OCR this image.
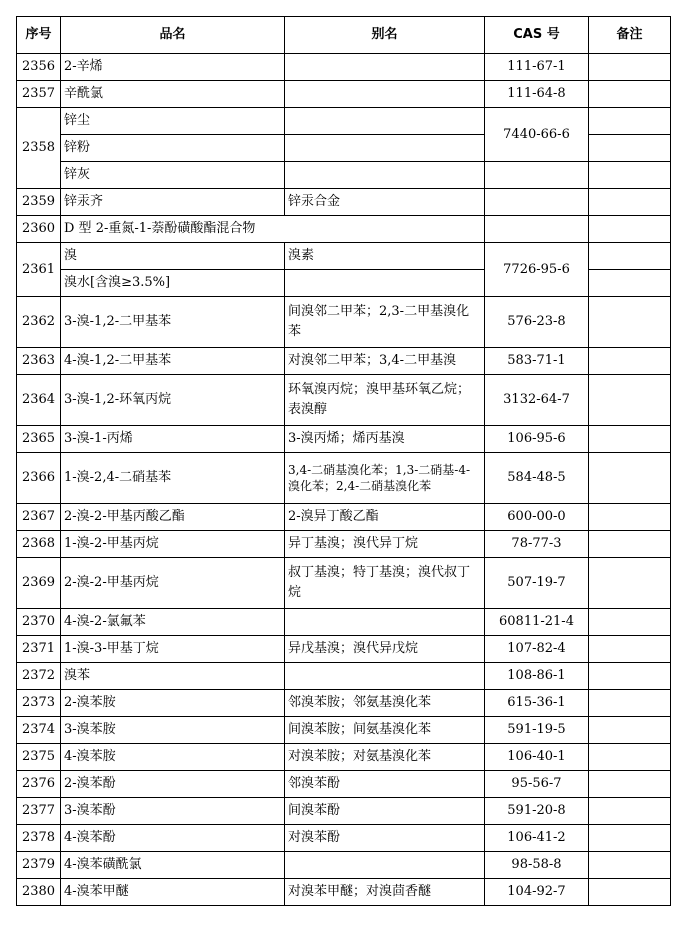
序号	品名	别名	CAS 号	备注
2356	2-辛烯		111-67-1	
2357	辛酰氯		111-64-8	
2358	锌尘		7440-66-6	
	锌粉			
	锌灰			
2359	锌汞齐	锌汞合金		
2360	D 型 2-重氮-1-萘酚磺酸酯混合物			
2361	溴	溴素	7726-95-6	
	溴水[含溴≥3.5%]			
2362	3-溴-1,2-二甲基苯	间溴邻二甲苯；2,3-二甲基溴化苯	576-23-8	
2363	4-溴-1,2-二甲基苯	对溴邻二甲苯；3,4-二甲基溴	583-71-1	
2364	3-溴-1,2-环氧丙烷	环氧溴丙烷；溴甲基环氧乙烷；表溴醇	3132-64-7	
2365	3-溴-1-丙烯	3-溴丙烯；烯丙基溴	106-95-6	
2366	1-溴-2,4-二硝基苯	3,4-二硝基溴化苯；1,3-二硝基-4-溴化苯；2,4-二硝基溴化苯	584-48-5	
2367	2-溴-2-甲基丙酸乙酯	2-溴异丁酸乙酯	600-00-0	
2368	1-溴-2-甲基丙烷	异丁基溴；溴代异丁烷	78-77-3	
2369	2-溴-2-甲基丙烷	叔丁基溴；特丁基溴；溴代叔丁烷	507-19-7	
2370	4-溴-2-氯氟苯		60811-21-4	
2371	1-溴-3-甲基丁烷	异戊基溴；溴代异戊烷	107-82-4	
2372	溴苯		108-86-1	
2373	2-溴苯胺	邻溴苯胺；邻氨基溴化苯	615-36-1	
2374	3-溴苯胺	间溴苯胺；间氨基溴化苯	591-19-5	
2375	4-溴苯胺	对溴苯胺；对氨基溴化苯	106-40-1	
2376	2-溴苯酚	邻溴苯酚	95-56-7	
2377	3-溴苯酚	间溴苯酚	591-20-8	
2378	4-溴苯酚	对溴苯酚	106-41-2	
2379	4-溴苯磺酰氯		98-58-8	
2380	4-溴苯甲醚	对溴苯甲醚；对溴茴香醚	104-92-7	
